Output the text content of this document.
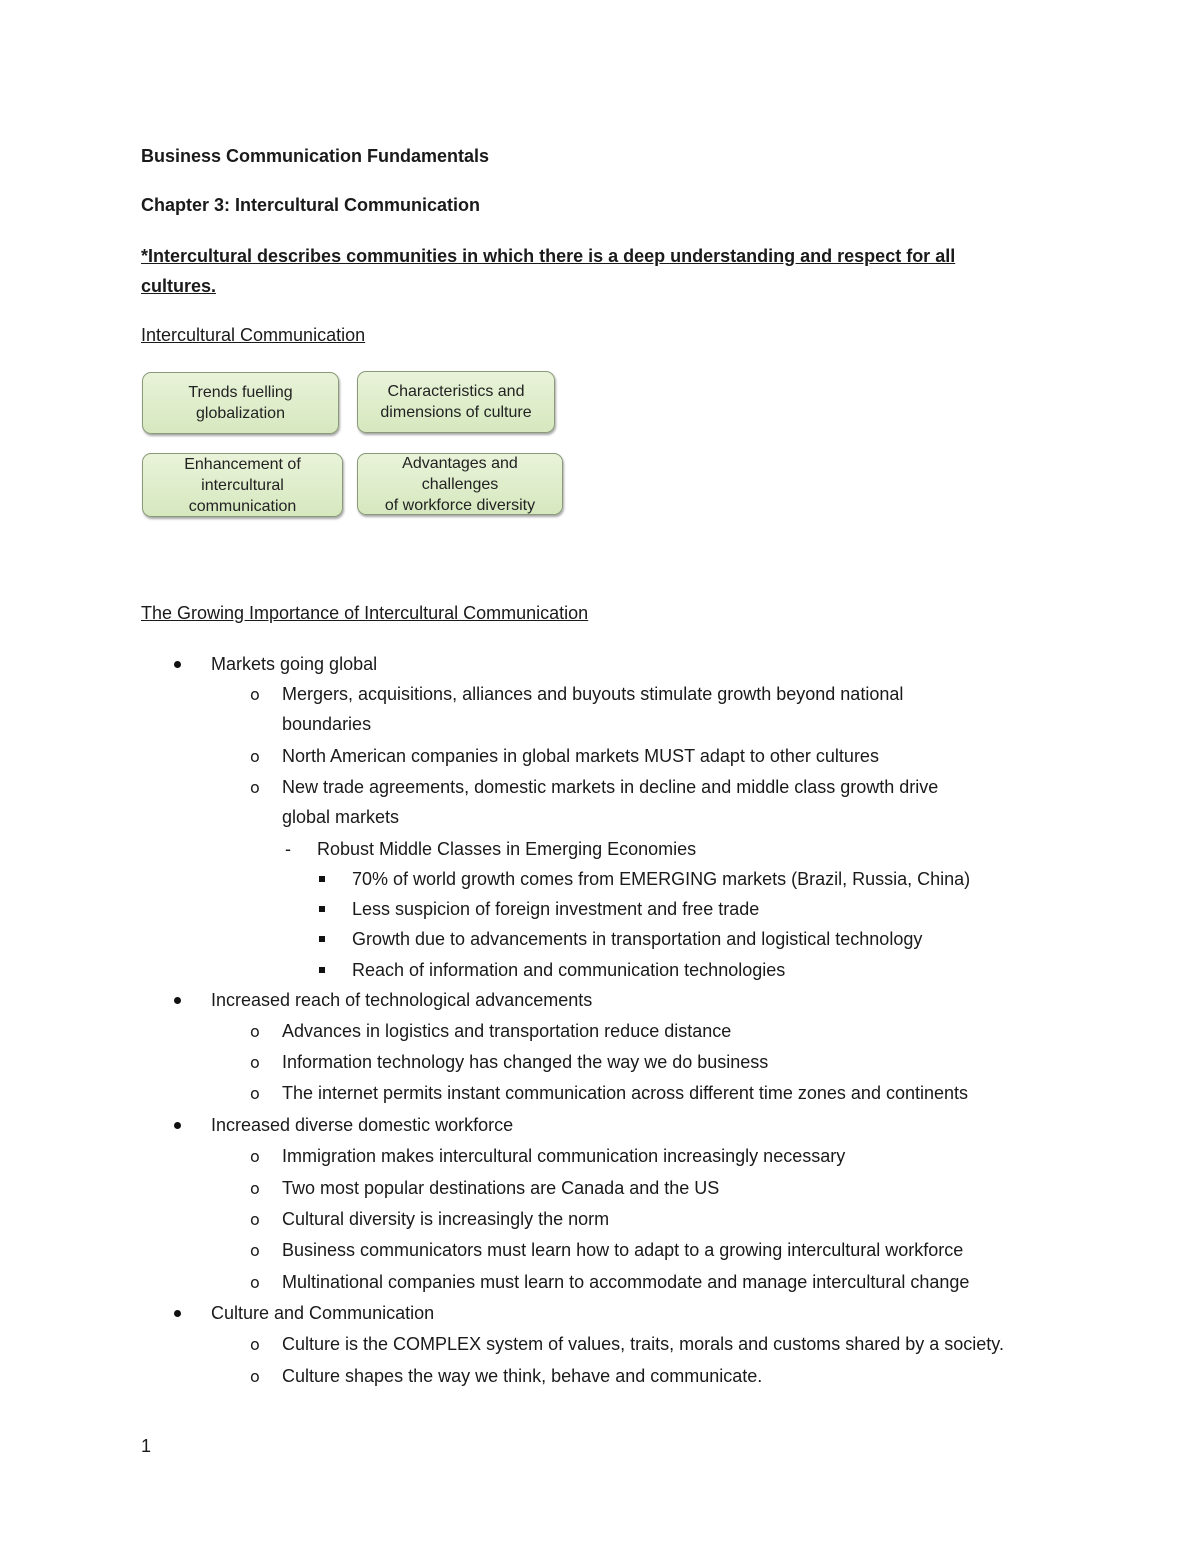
Business Communication Fundamentals
Chapter 3: Intercultural Communication
*Intercultural describes communities in which there is a deep understanding and respect for all
cultures.
Intercultural Communication
Trends fuelling
globalization
Characteristics and
dimensions of culture
Enhancement of
intercultural
communication
Advantages and challenges
of workforce diversity
The Growing Importance of Intercultural Communication
Markets going global
o Mergers, acquisitions, alliances and buyouts stimulate growth beyond national
boundaries
o North American companies in global markets MUST adapt to other cultures
o New trade agreements, domestic markets in decline and middle class growth drive
global markets
- Robust Middle Classes in Emerging Economies
70% of world growth comes from EMERGING markets (Brazil, Russia, China)
Less suspicion of foreign investment and free trade
Growth due to advancements in transportation and logistical technology
Reach of information and communication technologies
Increased reach of technological advancements
o Advances in logistics and transportation reduce distance
o Information technology has changed the way we do business
o The internet permits instant communication across different time zones and continents
Increased diverse domestic workforce
o Immigration makes intercultural communication increasingly necessary
o Two most popular destinations are Canada and the US
o Cultural diversity is increasingly the norm
o Business communicators must learn how to adapt to a growing intercultural workforce
o Multinational companies must learn to accommodate and manage intercultural change
Culture and Communication
o Culture is the COMPLEX system of values, traits, morals and customs shared by a society.
o Culture shapes the way we think, behave and communicate.
1
